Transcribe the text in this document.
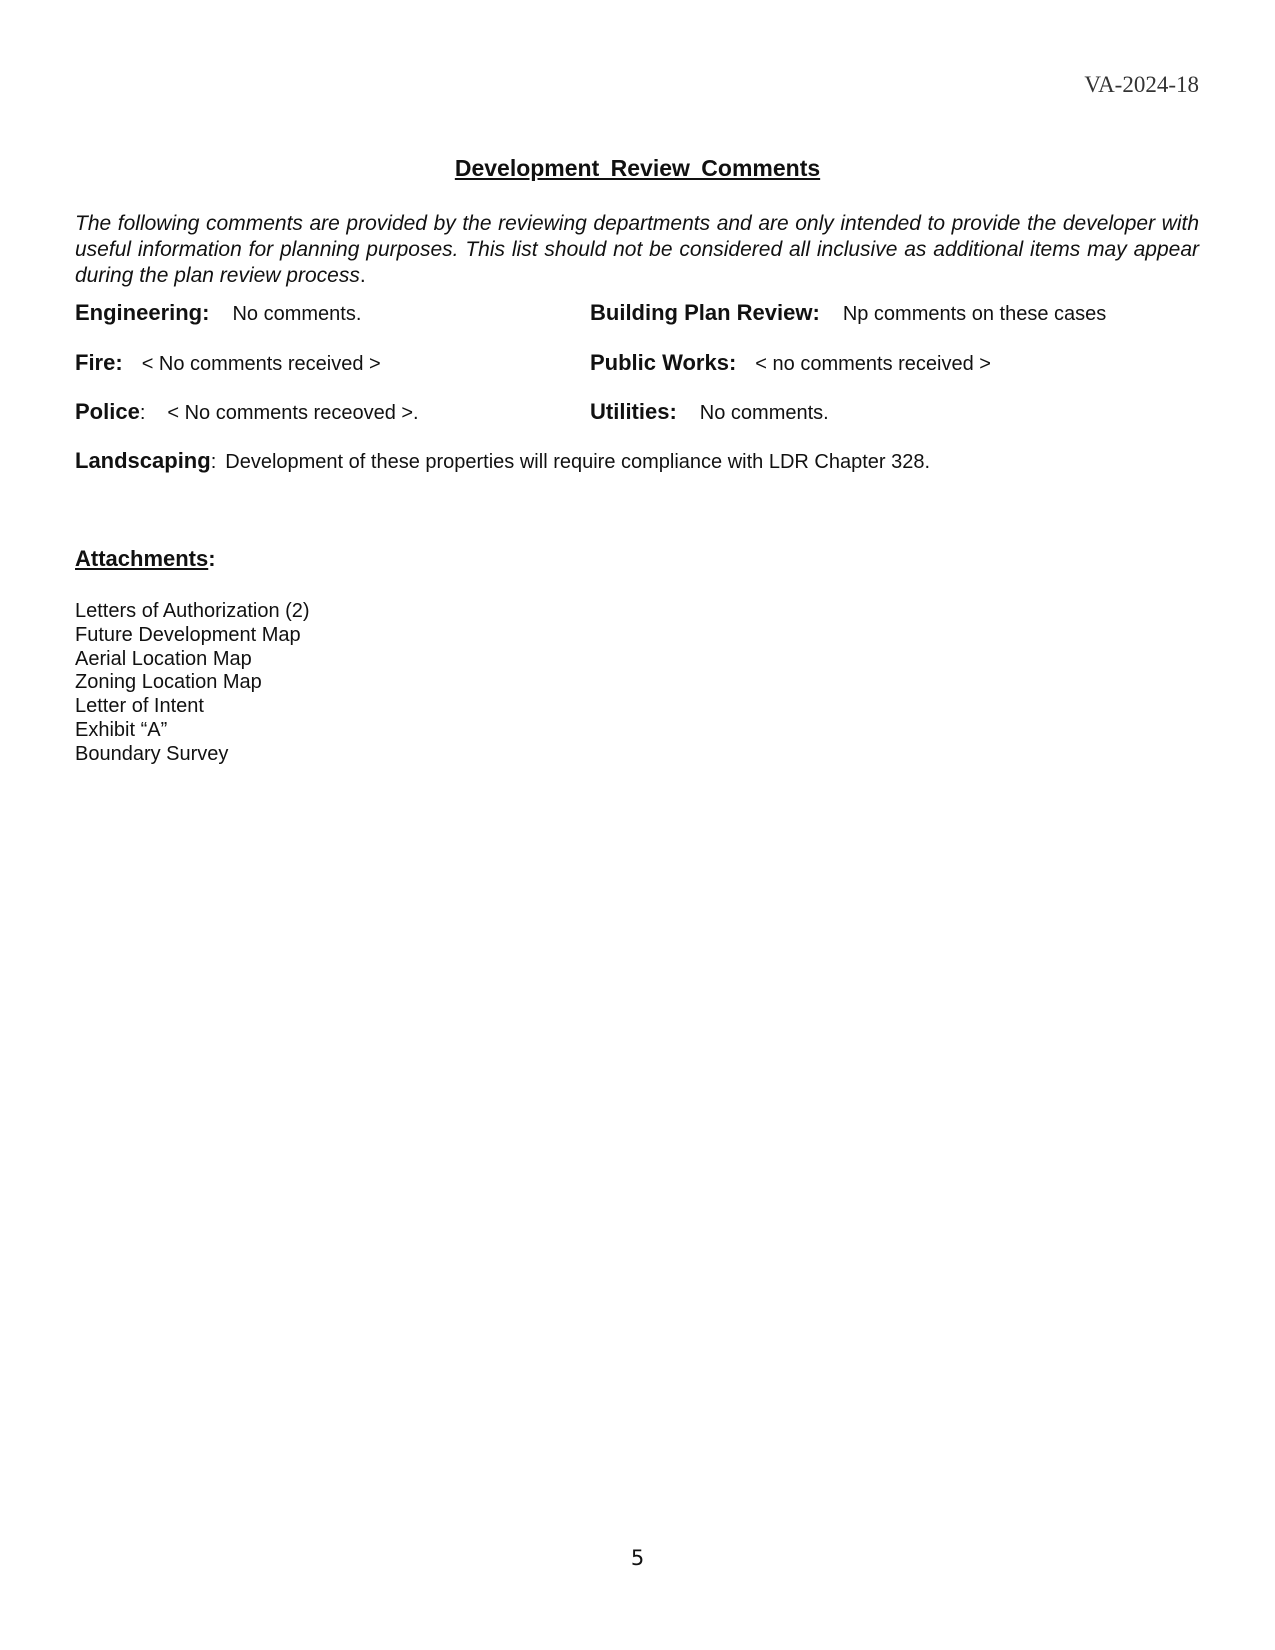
VA-2024-18
Development Review Comments
The following comments are provided by the reviewing departments and are only intended to provide the developer with useful information for planning purposes. This list should not be considered all inclusive as additional items may appear during the plan review process.
Engineering: No comments.	Building Plan Review: Np comments on these cases
Fire: < No comments received >	Public Works: < no comments received >
Police: < No comments receoved >.	Utilities: No comments.
Landscaping: Development of these properties will require compliance with LDR Chapter 328.
Attachments:
Letters of Authorization (2)
Future Development Map
Aerial Location Map
Zoning Location Map
Letter of Intent
Exhibit “A”
Boundary Survey
5
